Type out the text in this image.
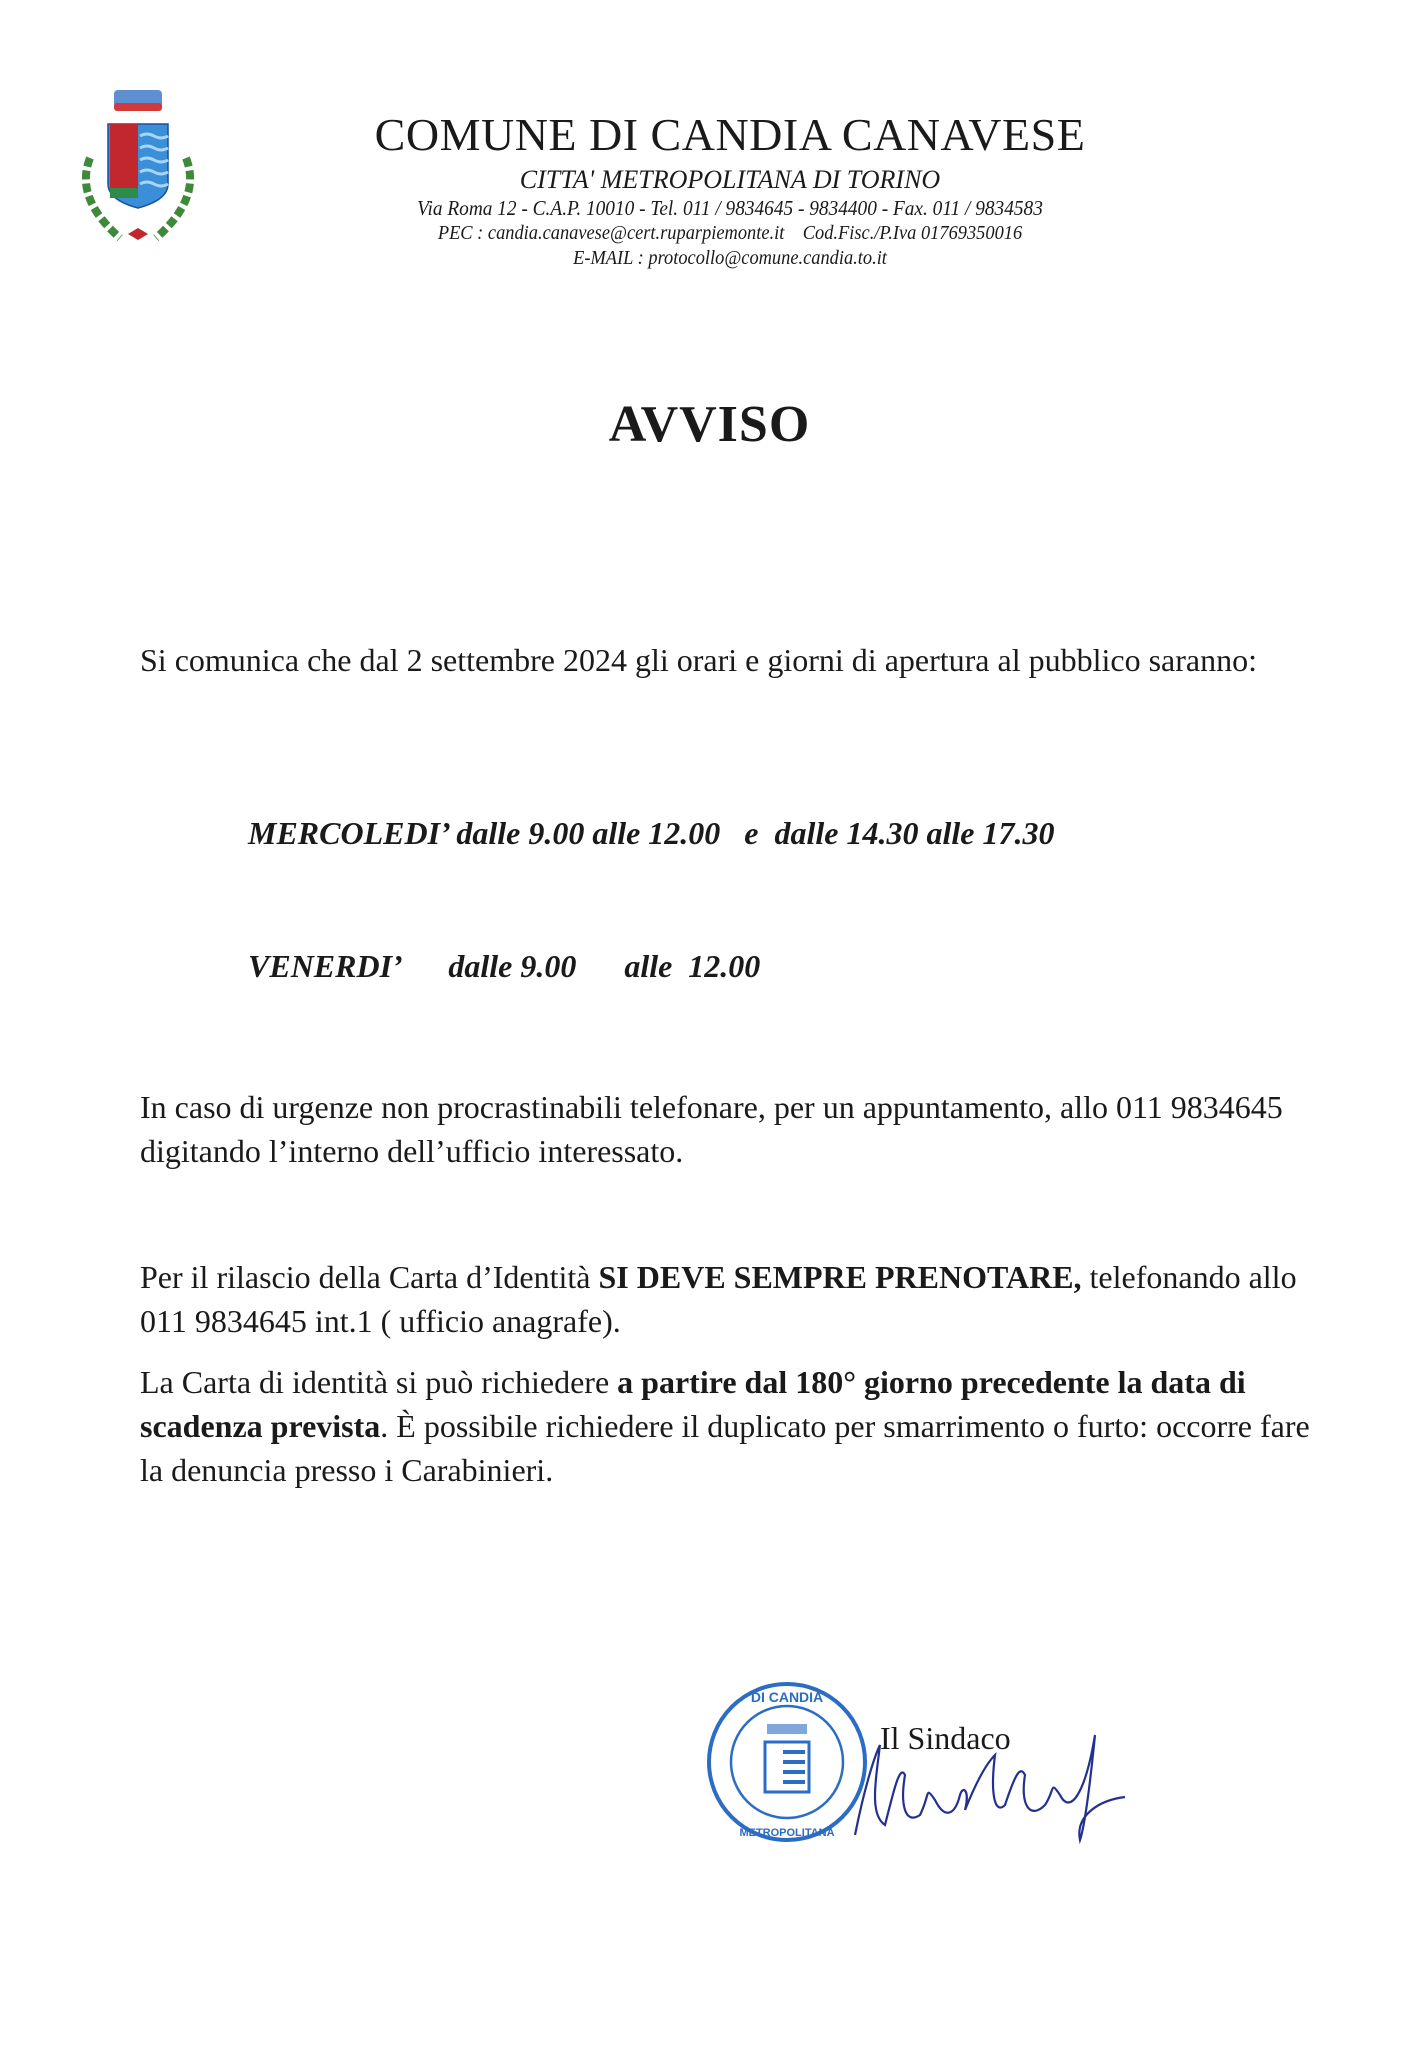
COMUNE DI CANDIA CANAVESE
CITTA' METROPOLITANA DI TORINO
Via Roma 12 - C.A.P. 10010 - Tel. 011 / 9834645 - 9834400 - Fax. 011 / 9834583
PEC : candia.canavese@cert.ruparpiemonte.it    Cod.Fisc./P.Iva 01769350016
E-MAIL : protocollo@comune.candia.to.it
AVVISO
Si comunica che dal 2 settembre 2024 gli orari e giorni di apertura al pubblico saranno:
MERCOLEDI’ dalle 9.00 alle 12.00   e  dalle 14.30 alle 17.30
VENERDI’      dalle 9.00      alle  12.00
In caso di urgenze non procrastinabili telefonare, per un appuntamento, allo 011 9834645 digitando l’interno dell’ufficio interessato.
Per il rilascio della Carta d’Identità SI DEVE SEMPRE PRENOTARE, telefonando allo 011 9834645 int.1 ( ufficio anagrafe).
La Carta di identità si può richiedere a partire dal 180° giorno precedente la data di scadenza prevista. È possibile richiedere il duplicato per smarrimento o furto: occorre fare la denuncia presso i Carabinieri.
DI CANDIA
METROPOLITANA
Il Sindaco
